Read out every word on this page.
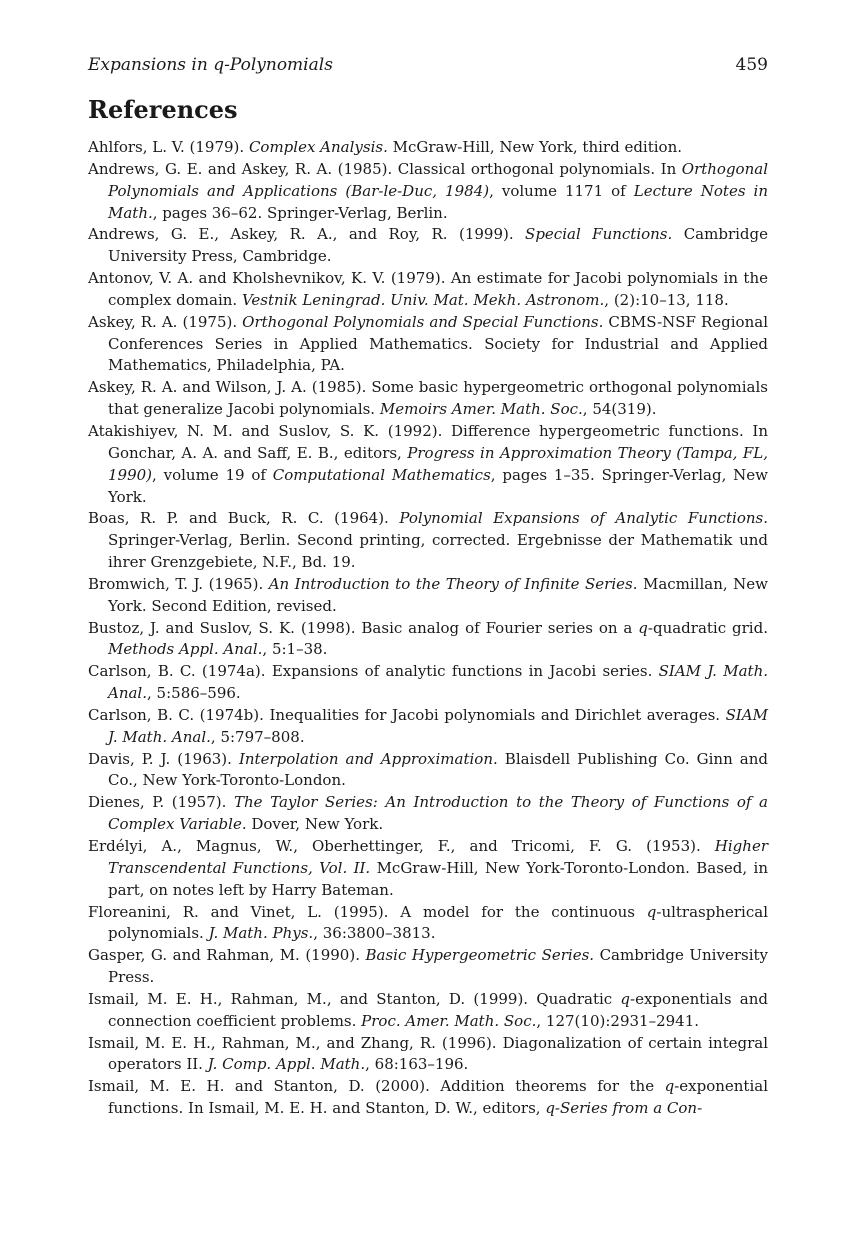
Expansions in q-Polynomials	459
References

Ahlfors, L. V. (1979). Complex Analysis. McGraw-Hill, New York, third edition.

Andrews, G. E. and Askey, R. A. (1985). Classical orthogonal polynomials. In Orthogonal Polynomials and Applications (Bar-le-Duc, 1984), volume 1171 of Lecture Notes in Math., pages 36–62. Springer-Verlag, Berlin.

Andrews, G. E., Askey, R. A., and Roy, R. (1999). Special Functions. Cambridge University Press, Cambridge.

Antonov, V. A. and Kholshevnikov, K. V. (1979). An estimate for Jacobi polynomials in the complex domain. Vestnik Leningrad. Univ. Mat. Mekh. Astronom., (2):10–13, 118.

Askey, R. A. (1975). Orthogonal Polynomials and Special Functions. CBMS-NSF Regional Conferences Series in Applied Mathematics. Society for Industrial and Applied Mathematics, Philadelphia, PA.

Askey, R. A. and Wilson, J. A. (1985). Some basic hypergeometric orthogonal polynomials that generalize Jacobi polynomials. Memoirs Amer. Math. Soc., 54(319).

Atakishiyev, N. M. and Suslov, S. K. (1992). Difference hypergeometric functions. In Gonchar, A. A. and Saff, E. B., editors, Progress in Approximation Theory (Tampa, FL, 1990), volume 19 of Computational Mathematics, pages 1–35. Springer-Verlag, New York.

Boas, R. P. and Buck, R. C. (1964). Polynomial Expansions of Analytic Functions. Springer-Verlag, Berlin. Second printing, corrected. Ergebnisse der Mathematik und ihrer Grenzgebiete, N.F., Bd. 19.

Bromwich, T. J. (1965). An Introduction to the Theory of Infinite Series. Macmillan, New York. Second Edition, revised.

Bustoz, J. and Suslov, S. K. (1998). Basic analog of Fourier series on a q-quadratic grid. Methods Appl. Anal., 5:1–38.

Carlson, B. C. (1974a). Expansions of analytic functions in Jacobi series. SIAM J. Math. Anal., 5:586–596.

Carlson, B. C. (1974b). Inequalities for Jacobi polynomials and Dirichlet averages. SIAM J. Math. Anal., 5:797–808.

Davis, P. J. (1963). Interpolation and Approximation. Blaisdell Publishing Co. Ginn and Co., New York-Toronto-London.

Dienes, P. (1957). The Taylor Series: An Introduction to the Theory of Functions of a Complex Variable. Dover, New York.

Erdélyi, A., Magnus, W., Oberhettinger, F., and Tricomi, F. G. (1953). Higher Transcendental Functions, Vol. II. McGraw-Hill, New York-Toronto-London. Based, in part, on notes left by Harry Bateman.

Floreanini, R. and Vinet, L. (1995). A model for the continuous q-ultraspherical polynomials. J. Math. Phys., 36:3800–3813.

Gasper, G. and Rahman, M. (1990). Basic Hypergeometric Series. Cambridge University Press.

Ismail, M. E. H., Rahman, M., and Stanton, D. (1999). Quadratic q-exponentials and connection coefficient problems. Proc. Amer. Math. Soc., 127(10):2931–2941.

Ismail, M. E. H., Rahman, M., and Zhang, R. (1996). Diagonalization of certain integral operators II. J. Comp. Appl. Math., 68:163–196.

Ismail, M. E. H. and Stanton, D. (2000). Addition theorems for the q-exponential functions. In Ismail, M. E. H. and Stanton, D. W., editors, q-Series from a Con-
